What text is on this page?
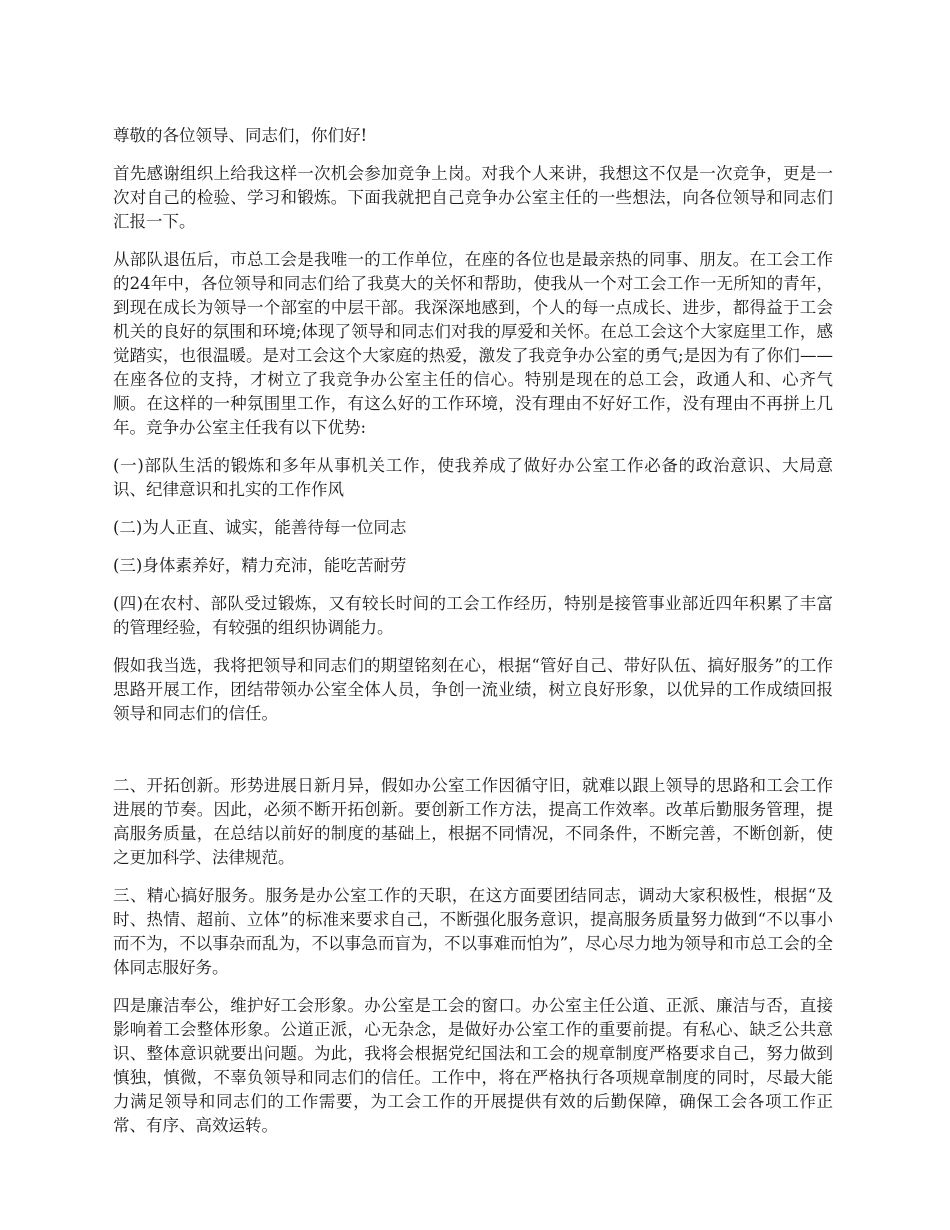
尊敬的各位领导、同志们，你们好!

首先感谢组织上给我这样一次机会参加竞争上岗。对我个人来讲，我想这不仅是一次竞争，更是一次对自己的检验、学习和锻炼。下面我就把自己竞争办公室主任的一些想法，向各位领导和同志们汇报一下。

从部队退伍后，市总工会是我唯一的工作单位，在座的各位也是最亲热的同事、朋友。在工会工作的24年中，各位领导和同志们给了我莫大的关怀和帮助，使我从一个对工会工作一无所知的青年，到现在成长为领导一个部室的中层干部。我深深地感到，个人的每一点成长、进步，都得益于工会机关的良好的氛围和环境;体现了领导和同志们对我的厚爱和关怀。在总工会这个大家庭里工作，感觉踏实，也很温暖。是对工会这个大家庭的热爱，激发了我竞争办公室的勇气;是因为有了你们——在座各位的支持，才树立了我竞争办公室主任的信心。特别是现在的总工会，政通人和、心齐气顺。在这样的一种氛围里工作，有这么好的工作环境，没有理由不好好工作，没有理由不再拼上几年。竞争办公室主任我有以下优势:

(一)部队生活的锻炼和多年从事机关工作，使我养成了做好办公室工作必备的政治意识、大局意识、纪律意识和扎实的工作作风

(二)为人正直、诚实，能善待每一位同志

(三)身体素养好，精力充沛，能吃苦耐劳

(四)在农村、部队受过锻炼，又有较长时间的工会工作经历，特别是接管事业部近四年积累了丰富的管理经验，有较强的组织协调能力。

假如我当选，我将把领导和同志们的期望铭刻在心，根据“管好自己、带好队伍、搞好服务”的工作思路开展工作，团结带领办公室全体人员，争创一流业绩，树立良好形象，以优异的工作成绩回报领导和同志们的信任。

二、开拓创新。形势进展日新月异，假如办公室工作因循守旧，就难以跟上领导的思路和工会工作进展的节奏。因此，必须不断开拓创新。要创新工作方法，提高工作效率。改革后勤服务管理，提高服务质量，在总结以前好的制度的基础上，根据不同情况，不同条件，不断完善，不断创新，使之更加科学、法律规范。

三、精心搞好服务。服务是办公室工作的天职，在这方面要团结同志，调动大家积极性，根据“及时、热情、超前、立体”的标准来要求自己，不断强化服务意识，提高服务质量努力做到“不以事小而不为，不以事杂而乱为，不以事急而盲为，不以事难而怕为”，尽心尽力地为领导和市总工会的全体同志服好务。

四是廉洁奉公，维护好工会形象。办公室是工会的窗口。办公室主任公道、正派、廉洁与否，直接影响着工会整体形象。公道正派，心无杂念，是做好办公室工作的重要前提。有私心、缺乏公共意识、整体意识就要出问题。为此，我将会根据党纪国法和工会的规章制度严格要求自己，努力做到慎独，慎微，不辜负领导和同志们的信任。工作中，将在严格执行各项规章制度的同时，尽最大能力满足领导和同志们的工作需要，为工会工作的开展提供有效的后勤保障，确保工会各项工作正常、有序、高效运转。
